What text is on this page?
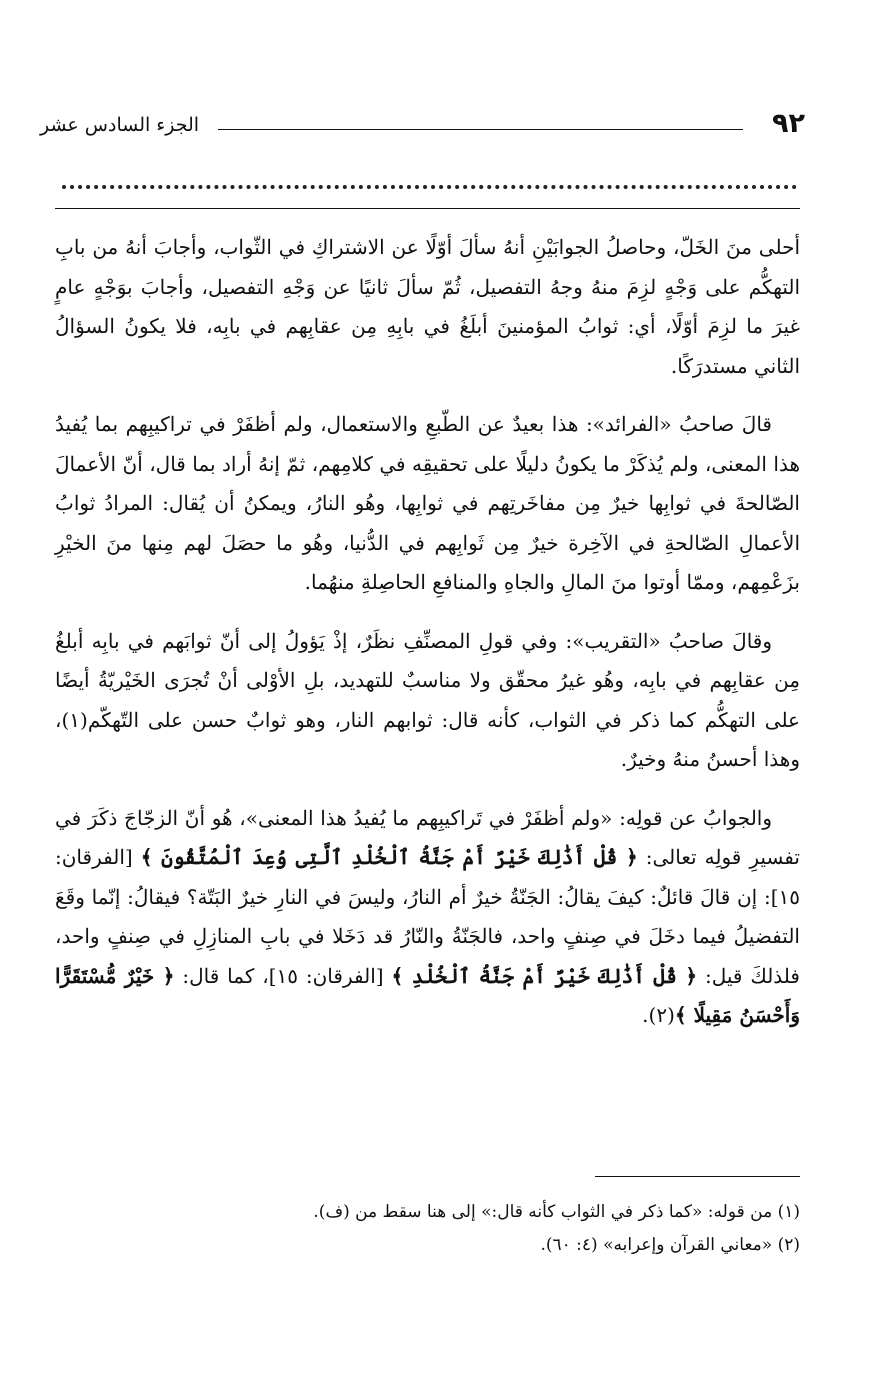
٩٢
الجزء السادس عشر

أحلى منَ الخَلّ، وحاصلُ الجوابَيْنِ أنهُ سألَ أوّلًا عن الاشتراكِ في الثّواب، وأجابَ أنهُ من بابِ التهكُّم على وَجْهٍ لزِمَ منهُ وجهُ التفصيل، ثُمّ سألَ ثانيًا عن وَجْهِ التفصيل، وأجابَ بوَجْهٍ عامٍ غيرَ ما لزِمَ أوّلًا، أي: ثوابُ المؤمنينَ أبلَغُ في بابِهِ مِن عقابِهم في بابِه، فلا يكونُ السؤالُ الثاني مستدرَكًا.

قالَ صاحبُ «الفرائد»: هذا بعيدٌ عن الطّبعِ والاستعمال، ولم أظفَرْ في تراكيبِهم بما يُفيدُ هذا المعنى، ولم يُذكَرْ ما يكونُ دليلًا على تحقيقِه في كلامِهم، ثمّ إنهُ أراد بما قال، أنّ الأعمالَ الصّالحةَ في ثوابِها خيرٌ مِن مفاخَرتِهم في ثوابِها، وهُو النارُ، ويمكنُ أن يُقال: المرادُ ثوابُ الأعمالِ الصّالحةِ في الآخِرة خيرٌ مِن ثَوابِهم في الدُّنيا، وهُو ما حصَلَ لهم مِنها منَ الخيْرِ بزَعْمِهم، وممّا أوتوا منَ المالِ والجاهِ والمنافعِ الحاصِلةِ منهُما.

وقالَ صاحبُ «التقريب»: وفي قولِ المصنِّفِ نظَرٌ، إذْ يَؤولُ إلى أنّ ثوابَهم في بابِه أبلغُ مِن عقابِهم في بابِه، وهُو غيرُ محقّق ولا مناسبٌ للتهديد، بلِ الأوْلى أنْ تُجرَى الخَيْريّةُ أيضًا على التهكُّم كما ذكر في الثواب، كأنه قال: ثوابهم النار، وهو ثوابٌ حسن على التّهكّم(١)، وهذا أحسنُ منهُ وخيرٌ.

والجوابُ عن قولِه: «ولم أظفَرْ في تَراكيبِهم ما يُفيدُ هذا المعنى»، هُو أنّ الزجّاجَ ذكَرَ في تفسيرِ قولِه تعالى: ﴿ قُلْ أَذَٰلِكَ خَيْرٌ أَمْ جَنَّةُ ٱلْخُلْدِ ٱلَّتِى وُعِدَ ٱلْمُتَّقُونَ ﴾ [الفرقان: ١٥]: إن قالَ قائلٌ: كيفَ يقالُ: الجَنّةُ خيرٌ أم النارُ، وليسَ في النارِ خيرٌ البَتّة؟ فيقالُ: إنّما وقَعَ التفضيلُ فيما دخَلَ في صِنفٍ واحد، فالجَنّةُ والنّارُ قد دَخَلا في بابِ المنازِلِ في صِنفٍ واحد، فلذلكَ قيل: ﴿ قُلْ أَذَٰلِكَ خَيْرٌ أَمْ جَنَّةُ ٱلْخُلْدِ ﴾ [الفرقان: ١٥]، كما قال: ﴿ خَيْرٌ مُّسْتَقَرًّا وَأَحْسَنُ مَقِيلًا ﴾(٢).

(١) من قوله: «كما ذكر في الثواب كأنه قال:» إلى هنا سقط من (ف).

(٢) «معاني القرآن وإعرابه» (٤: ٦٠).
